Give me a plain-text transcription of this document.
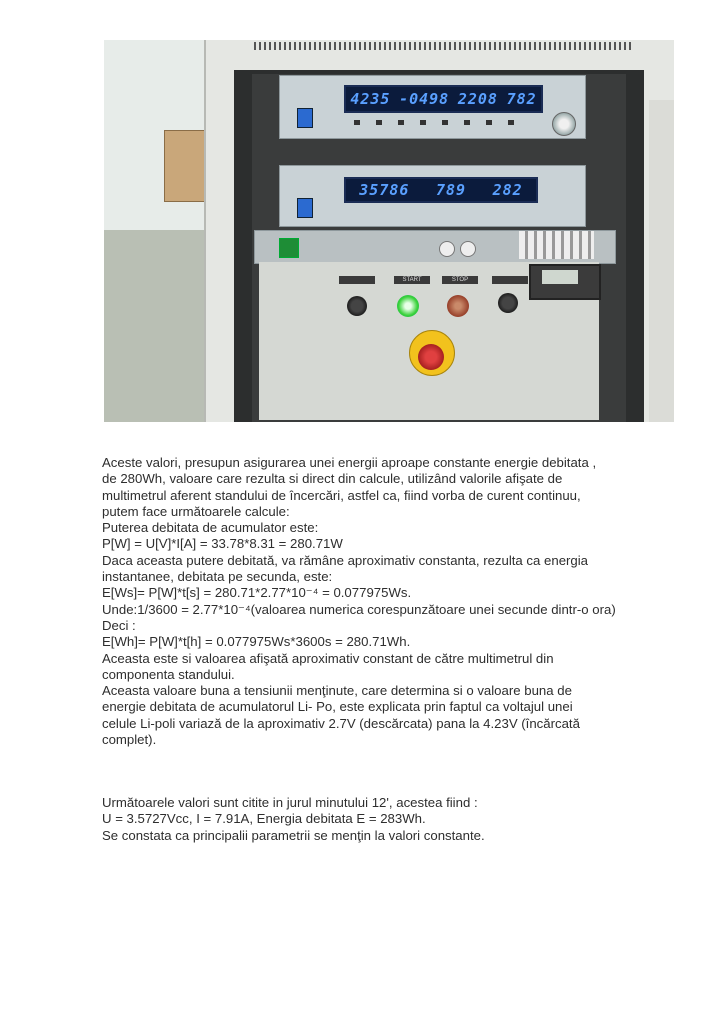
4235 -0498 2208 782
35786 789 282
START	STOP

Aceste valori, presupun asigurarea unei energii aproape constante energie debitata ,

de 280Wh, valoare care rezulta si direct din calcule, utilizând valorile afişate de

multimetrul aferent standului de încercări, astfel ca, fiind vorba de curent continuu,

putem face următoarele calcule:

Puterea debitata de acumulator este:

P[W] = U[V]*I[A] = 33.78*8.31 = 280.71W

Daca aceasta putere debitată, va rămâne aproximativ constanta, rezulta ca energia

instantanee, debitata pe secunda, este:

E[Ws]= P[W]*t[s] = 280.71*2.77*10⁻⁴ = 0.077975Ws.

Unde:1/3600 = 2.77*10⁻⁴(valoarea numerica corespunzătoare unei secunde dintr-o ora)

Deci :

E[Wh]= P[W]*t[h] = 0.077975Ws*3600s = 280.71Wh.

Aceasta este si valoarea afişată aproximativ constant de către multimetrul din

componenta standului.

Aceasta valoare buna a tensiunii menţinute, care determina si o valoare buna de

energie debitata de acumulatorul Li- Po, este explicata prin faptul ca voltajul unei

celule Li-poli variază de la aproximativ 2.7V (descărcata) pana la 4.23V (încărcată

complet).

Următoarele valori sunt citite in jurul minutului 12', acestea fiind :

U = 3.5727Vcc, I = 7.91A, Energia debitata E = 283Wh.

Se constata ca principalii parametrii se menţin la valori constante.
